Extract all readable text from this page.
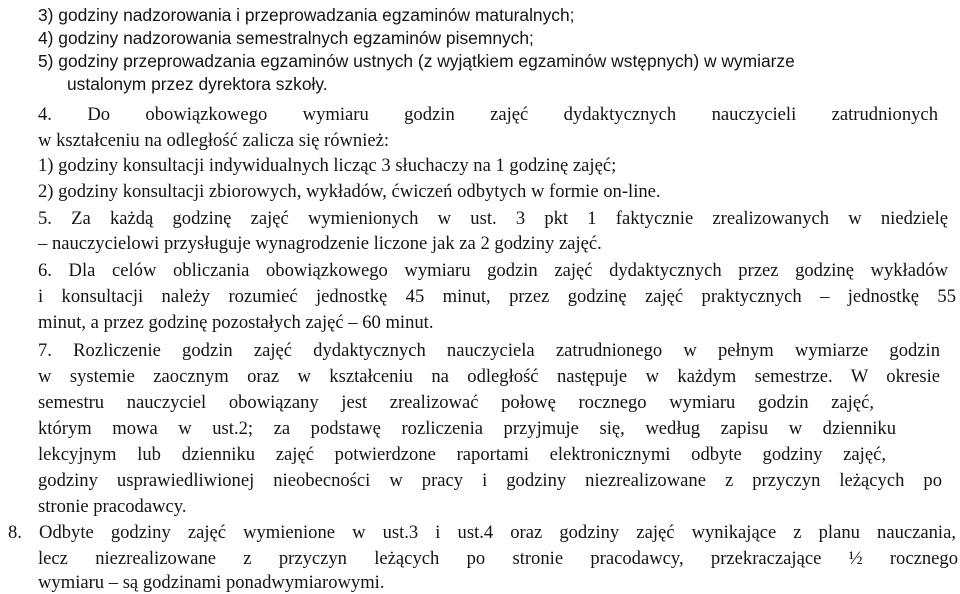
3) godziny nadzorowania i przeprowadzania egzaminów maturalnych;
4) godziny nadzorowania semestralnych egzaminów pisemnych;
5) godziny przeprowadzania egzaminów ustnych (z wyjątkiem egzaminów wstępnych) w wymiarze
ustalonym przez dyrektora szkoły.
4. Do obowiązkowego wymiaru godzin zajęć dydaktycznych nauczycieli zatrudnionych
w kształceniu na odległość zalicza się również:
1) godziny konsultacji indywidualnych licząc 3 słuchaczy na 1 godzinę zajęć;
2) godziny konsultacji zbiorowych, wykładów, ćwiczeń odbytych w formie on-line.
5. Za każdą godzinę zajęć wymienionych w ust. 3 pkt 1 faktycznie zrealizowanych w niedzielę
– nauczycielowi przysługuje wynagrodzenie liczone jak za 2 godziny zajęć.
6. Dla celów obliczania obowiązkowego wymiaru godzin zajęć dydaktycznych przez godzinę wykładów
i konsultacji należy rozumieć jednostkę 45 minut, przez godzinę zajęć praktycznych – jednostkę 55
minut, a przez godzinę pozostałych zajęć – 60 minut.
7. Rozliczenie godzin zajęć dydaktycznych nauczyciela zatrudnionego w pełnym wymiarze godzin
w systemie zaocznym oraz w kształceniu na odległość następuje w każdym semestrze. W okresie
semestru nauczyciel obowiązany jest zrealizować połowę rocznego wymiaru godzin zajęć,
którym mowa w ust.2; za podstawę rozliczenia przyjmuje się, według zapisu w dzienniku
lekcyjnym lub dzienniku zajęć potwierdzone raportami elektronicznymi odbyte godziny zajęć,
godziny usprawiedliwionej nieobecności w pracy i godziny niezrealizowane z przyczyn leżących po
stronie pracodawcy.
8. Odbyte godziny zajęć wymienione w ust.3 i ust.4 oraz godziny zajęć wynikające z planu nauczania,
lecz niezrealizowane z przyczyn leżących po stronie pracodawcy, przekraczające ½ rocznego
wymiaru – są godzinami ponadwymiarowymi.
